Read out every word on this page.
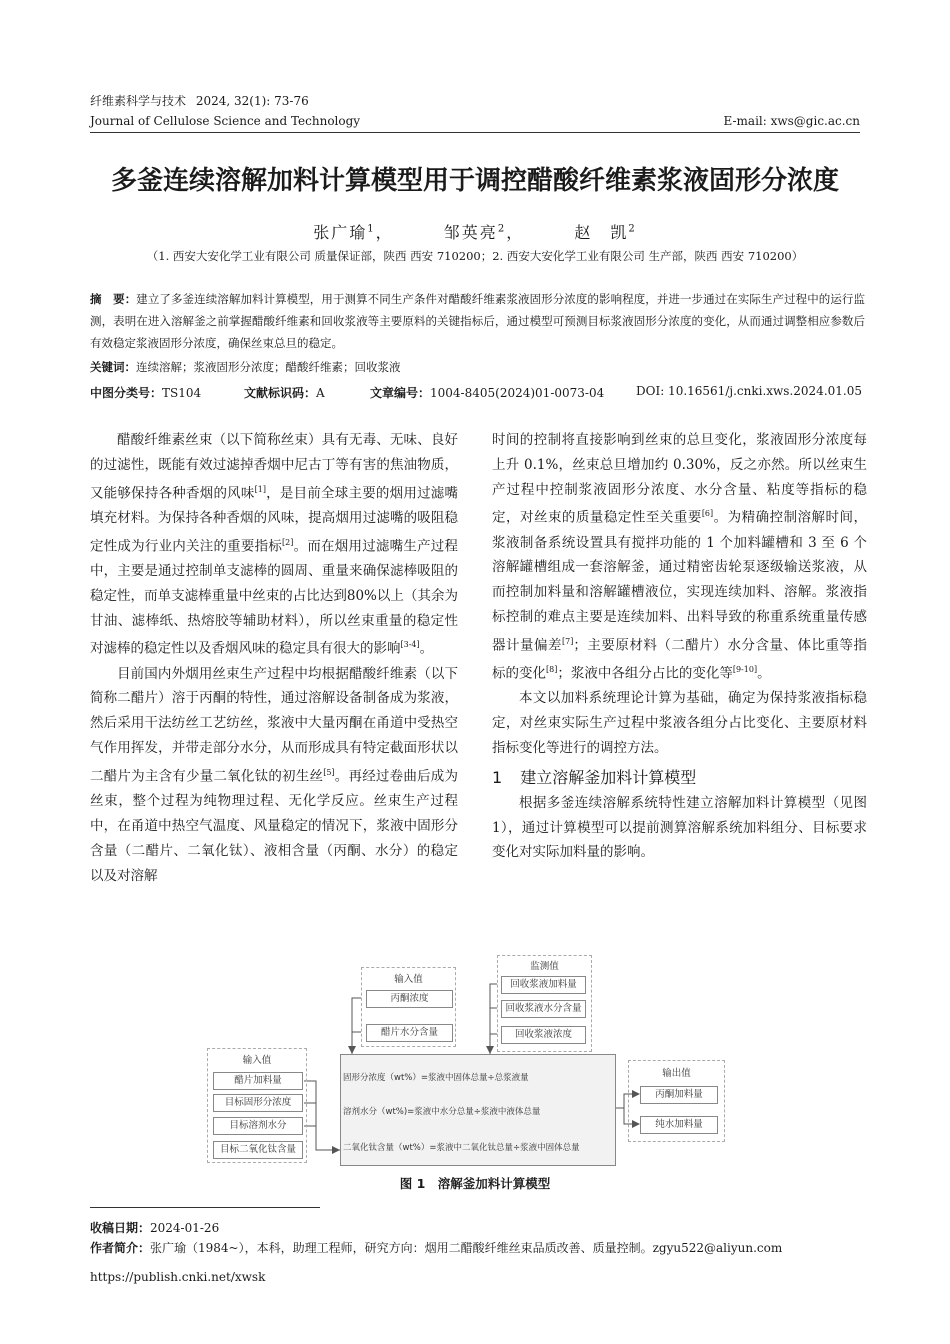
纤维素科学与技术 2024, 32(1): 73-76
Journal of Cellulose Science and Technology	E-mail: xws@gic.ac.cn
多釜连续溶解加料计算模型用于调控醋酸纤维素浆液固形分浓度
张广瑜$^1$，	邹英亮$^2$，	赵　凯$^2$
（1. 西安大安化学工业有限公司 质量保证部，陕西 西安 710200；2. 西安大安化学工业有限公司 生产部，陕西 西安 710200）
摘　要：建立了多釜连续溶解加料计算模型，用于测算不同生产条件对醋酸纤维素浆液固形分浓度的影响程度，并进一步通过在实际生产过程中的运行监测，表明在进入溶解釜之前掌握醋酸纤维素和回收浆液等主要原料的关键指标后，通过模型可预测目标浆液固形分浓度的变化，从而通过调整相应参数后有效稳定浆液固形分浓度，确保丝束总旦的稳定。
关键词：连续溶解；浆液固形分浓度；醋酸纤维素；回收浆液
中图分类号：TS104	文献标识码：A	文章编号：1004-8405(2024)01-0073-04	DOI: 10.16561/j.cnki.xws.2024.01.05

醋酸纤维素丝束（以下简称丝束）具有无毒、无味、良好的过滤性，既能有效过滤掉香烟中尼古丁等有害的焦油物质，又能够保持各种香烟的风味[1]，是目前全球主要的烟用过滤嘴填充材料。为保持各种香烟的风味，提高烟用过滤嘴的吸阻稳定性成为行业内关注的重要指标[2]。而在烟用过滤嘴生产过程中，主要是通过控制单支滤棒的圆周、重量来确保滤棒吸阻的稳定性，而单支滤棒重量中丝束的占比达到80%以上（其余为甘油、滤棒纸、热熔胶等辅助材料），所以丝束重量的稳定性对滤棒的稳定性以及香烟风味的稳定具有很大的影响[3-4]。

目前国内外烟用丝束生产过程中均根据醋酸纤维素（以下简称二醋片）溶于丙酮的特性，通过溶解设备制备成为浆液，然后采用干法纺丝工艺纺丝，浆液中大量丙酮在甬道中受热空气作用挥发，并带走部分水分，从而形成具有特定截面形状以二醋片为主含有少量二氧化钛的初生丝[5]。再经过卷曲后成为丝束，整个过程为纯物理过程、无化学反应。丝束生产过程中，在甬道中热空气温度、风量稳定的情况下，浆液中固形分含量（二醋片、二氧化钛）、液相含量（丙酮、水分）的稳定以及对溶解

时间的控制将直接影响到丝束的总旦变化，浆液固形分浓度每上升 0.1%，丝束总旦增加约 0.30%，反之亦然。所以丝束生产过程中控制浆液固形分浓度、水分含量、粘度等指标的稳定，对丝束的质量稳定性至关重要[6]。为精确控制溶解时间，浆液制备系统设置具有搅拌功能的 1 个加料罐槽和 3 至 6 个溶解罐槽组成一套溶解釜，通过精密齿轮泵逐级输送浆液，从而控制加料量和溶解罐槽液位，实现连续加料、溶解。浆液指标控制的难点主要是连续加料、出料导致的称重系统重量传感器计量偏差[7]；主要原材料（二醋片）水分含量、体比重等指标的变化[8]；浆液中各组分占比的变化等[9-10]。

本文以加料系统理论计算为基础，确定为保持浆液指标稳定，对丝束实际生产过程中浆液各组分占比变化、主要原材料指标变化等进行的调控方法。

1 建立溶解釜加料计算模型

根据多釜连续溶解系统特性建立溶解加料计算模型（见图 1），通过计算模型可以提前测算溶解系统加料组分、目标要求变化对实际加料量的影响。

输入值
丙酮浓度
醋片水分含量
监测值
回收浆液加料量
回收浆液水分含量
回收浆液浓度
输入值
醋片加料量
目标固形分浓度
目标溶剂水分
目标二氧化钛含量
固形分浓度（wt%）=浆液中固体总量÷总浆液量
溶剂水分（wt%)=浆液中水分总量÷浆液中液体总量
二氧化钛含量（wt%）=浆液中二氧化钛总量÷浆液中固体总量
输出值
丙酮加料量
纯水加料量
图 1　溶解釜加料计算模型
收稿日期：2024-01-26
作者简介：张广瑜（1984~），本科，助理工程师，研究方向：烟用二醋酸纤维丝束品质改善、质量控制。zgyu522@aliyun.com
https://publish.cnki.net/xwsk
